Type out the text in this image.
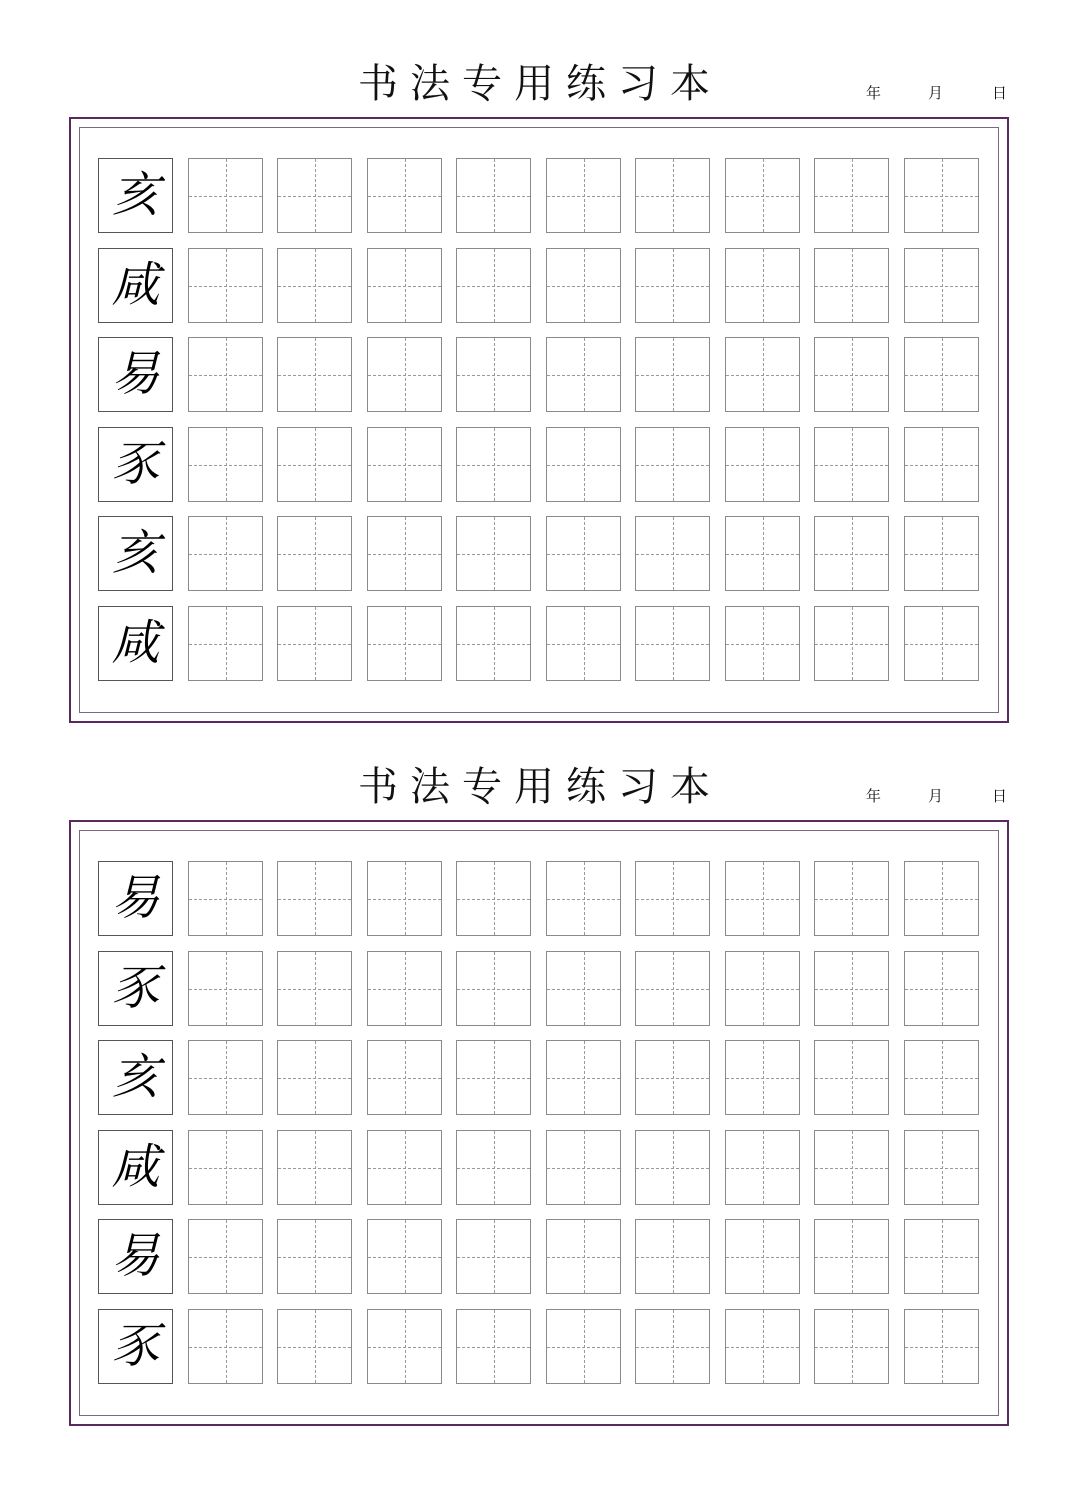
书法专用练习本	年	月	日
亥
咸
易
豕
亥
咸
书法专用练习本	年	月	日
易
豕
亥
咸
易
豕
